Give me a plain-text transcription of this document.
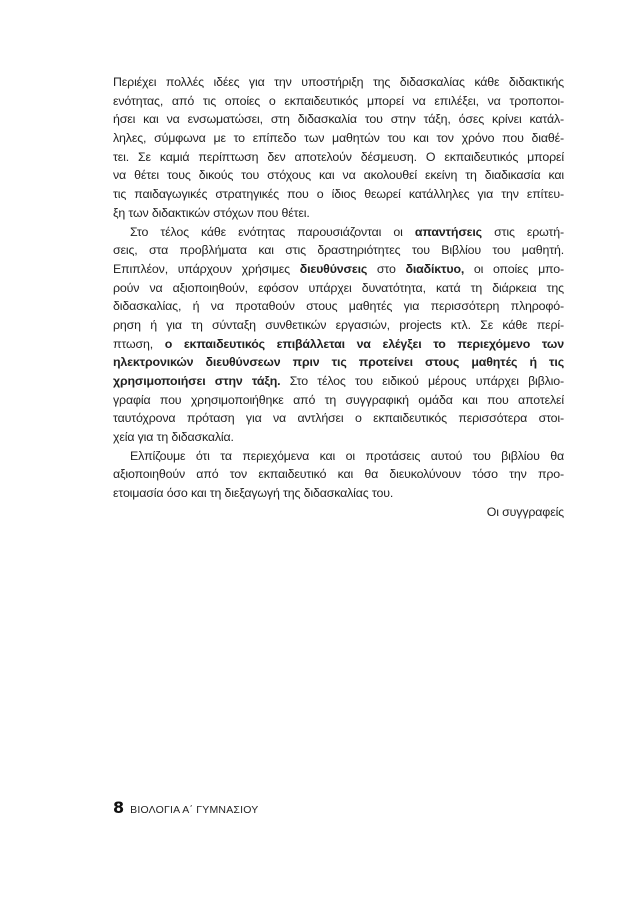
Περιέχει πολλές ιδέες για την υποστήριξη της διδασκαλίας κάθε διδακτικής
ενότητας, από τις οποίες ο εκπαιδευτικός μπορεί να επιλέξει, να τροποποι-
ήσει και να ενσωματώσει, στη διδασκαλία του στην τάξη, όσες κρίνει κατάλ-
ληλες, σύμφωνα με το επίπεδο των μαθητών του και τον χρόνο που διαθέ-
τει. Σε καμιά περίπτωση δεν αποτελούν δέσμευση. Ο εκπαιδευτικός μπορεί
να θέτει τους δικούς του στόχους και να ακολουθεί εκείνη τη διαδικασία και
τις παιδαγωγικές στρατηγικές που ο ίδιος θεωρεί κατάλληλες για την επίτευ-
ξη των διδακτικών στόχων που θέτει.
Στο τέλος κάθε ενότητας παρουσιάζονται οι απαντήσεις στις ερωτή-
σεις, στα προβλήματα και στις δραστηριότητες του Βιβλίου του μαθητή.
Επιπλέον, υπάρχουν χρήσιμες διευθύνσεις στο διαδίκτυο, οι οποίες μπο-
ρούν να αξιοποιηθούν, εφόσον υπάρχει δυνατότητα, κατά τη διάρκεια της
διδασκαλίας, ή να προταθούν στους μαθητές για περισσότερη πληροφό-
ρηση ή για τη σύνταξη συνθετικών εργασιών, projects κτλ. Σε κάθε περί-
πτωση, ο εκπαιδευτικός επιβάλλεται να ελέγξει το περιεχόμενο των
ηλεκτρονικών διευθύνσεων πριν τις προτείνει στους μαθητές ή τις
χρησιμοποιήσει στην τάξη. Στο τέλος του ειδικού μέρους υπάρχει βιβλιο-
γραφία που χρησιμοποιήθηκε από τη συγγραφική ομάδα και που αποτελεί
ταυτόχρονα πρόταση για να αντλήσει ο εκπαιδευτικός περισσότερα στοι-
χεία για τη διδασκαλία.
Ελπίζουμε ότι τα περιεχόμενα και οι προτάσεις αυτού του βιβλίου θα
αξιοποιηθούν από τον εκπαιδευτικό και θα διευκολύνουν τόσο την προ-
ετοιμασία όσο και τη διεξαγωγή της διδασκαλίας του.
Οι συγγραφείς
8 ΒΙΟΛΟΓΙΑ Α΄ ΓΥΜΝΑΣΙΟΥ
